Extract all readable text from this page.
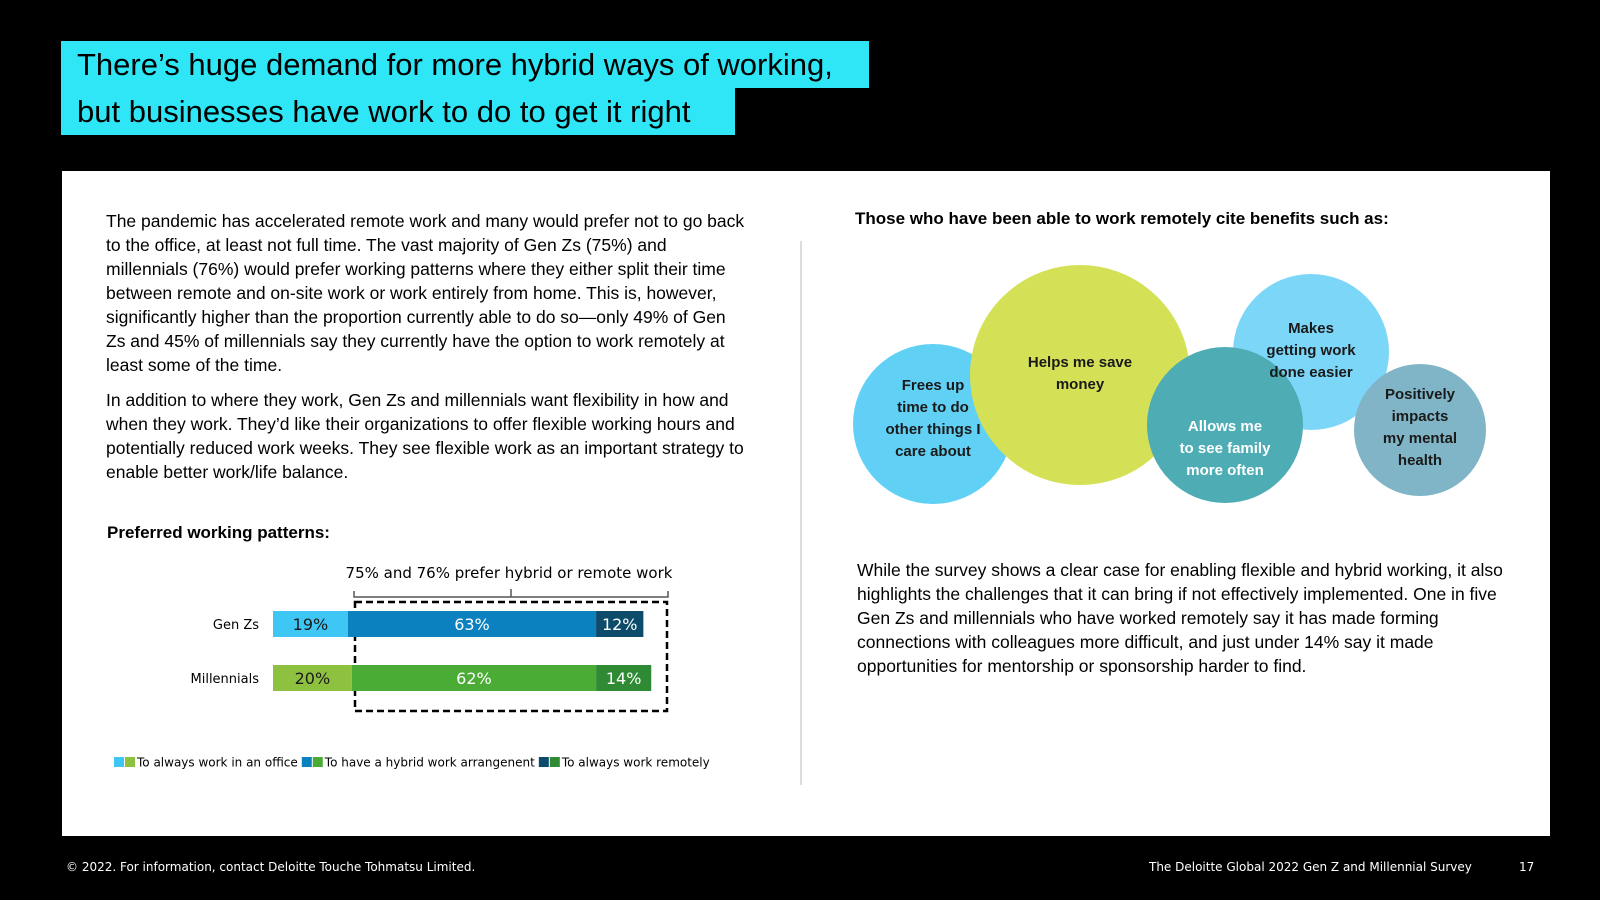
There’s huge demand for more hybrid ways of working,
but businesses have work to do to get it right

The pandemic has accelerated remote work and many would prefer not to go back to the office, at least not full time. The vast majority of Gen Zs (75%) and millennials (76%) would prefer working patterns where they either split their time between remote and on-site work or work entirely from home. This is, however, significantly higher than the proportion currently able to do so—only 49% of Gen Zs and 45% of millennials say they currently have the option to work remotely at least some of the time.

In addition to where they work, Gen Zs and millennials want flexibility in how and when they work. They’d like their organizations to offer flexible working hours and potentially reduced work weeks. They see flexible work as an important strategy to enable better work/life balance.

Preferred working patterns:

75% and 76% prefer hybrid or remote work
Gen Zs 19%	63%	12%
Millennials 20%	62%	14%
To always work in an office To have a hybrid work arrangenent To always work remotely

Those who have been able to work remotely cite benefits such as:

Frees up time to do other things I care about
Helps me save money
Makes getting work done easier
Allows me to see family more often
Positively impacts my mental health

While the survey shows a clear case for enabling flexible and hybrid working, it also highlights the challenges that it can bring if not effectively implemented. One in five Gen Zs and millennials who have worked remotely say it has made forming connections with colleagues more difficult, and just under 14% say it made opportunities for mentorship or sponsorship harder to find.

© 2022. For information, contact Deloitte Touche Tohmatsu Limited.	The Deloitte Global 2022 Gen Z and Millennial Survey	17
